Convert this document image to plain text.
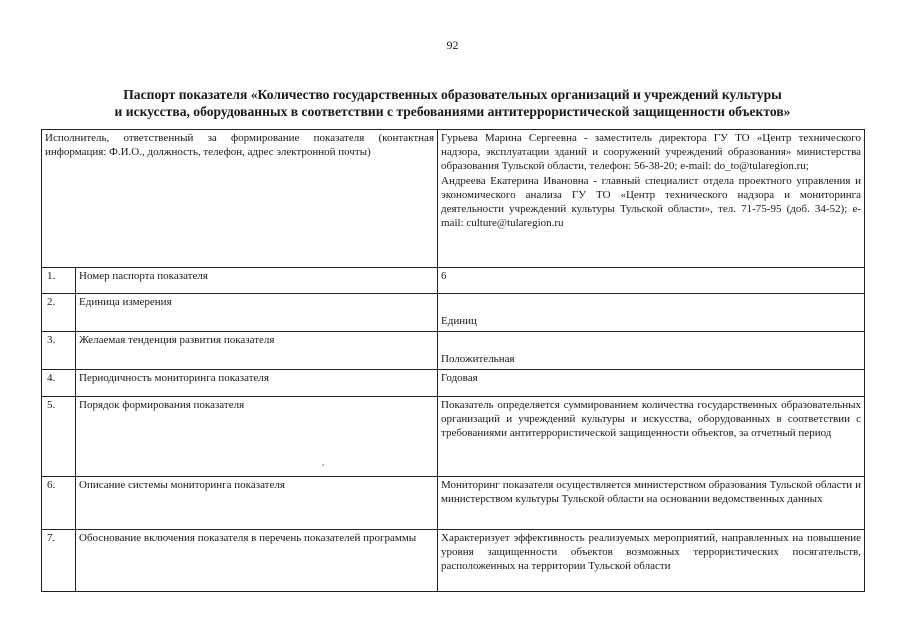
92
Паспорт показателя «Количество государственных образовательных организаций и учреждений культуры
и искусства, оборудованных в соответствии с требованиями антитеррористической защищенности объектов»
Исполнитель, ответственный за формирование показателя (контактная информация: Ф.И.О., должность, телефон, адрес электронной почты)		Гурьева Марина Сергеевна - заместитель директора ГУ ТО «Центр технического надзора, эксплуатации зданий и сооружений учреждений образования» министерства образования Тульской области, телефон: 56-38-20; e-mail: do_to@tularegion.ru;
Андреева Екатерина Ивановна - главный специалист отдела проектного управления и экономического анализа ГУ ТО «Центр технического надзора и мониторинга деятельности учреждений культуры Тульской области», тел. 71-75-95 (доб. 34-52); e-mail: culture@tularegion.ru

1.	Номер паспорта показателя	6
2.	Единица измерения	Единиц
3.	Желаемая тенденция развития показателя	Положительная
4.	Периодичность мониторинга показателя	Годовая
5.	Порядок формирования показателя	Показатель определяется суммированием количества государственных образовательных организаций и учреждений культуры и искусства, оборудованных в соответствии с требованиями антитеррористической защищенности объектов, за отчетный период
6.	Описание системы мониторинга показателя	Мониторинг показателя осуществляется министерством образования Тульской области и министерством культуры Тульской области на основании ведомственных данных
7.	Обоснование включения показателя в перечень показателей программы	Характеризует эффективность реализуемых мероприятий, направленных на повышение уровня защищенности объектов возможных террористических посягательств, расположенных на территории Тульской области
,
